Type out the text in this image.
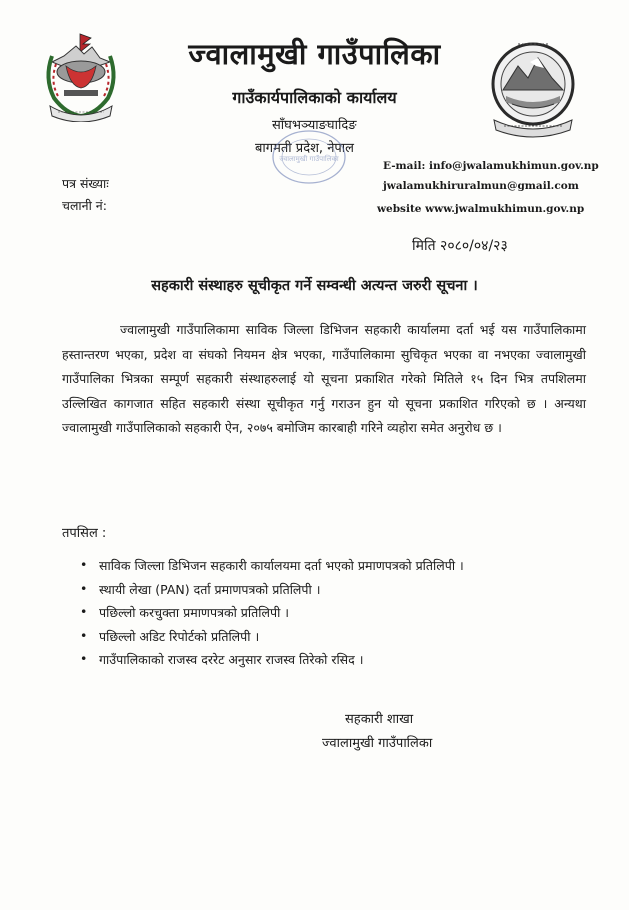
ज्वालामुखी गाउँपालिका
गाउँकार्यपालिकाको कार्यालय
साँघभञ्याङघादिङ
बागमती प्रदेश, नेपाल
ज्वालामुखी गाउँपालिका
E-mail: info@jwalamukhimun.gov.np
jwalamukhiruralmun@gmail.com
website www.jwalmukhimun.gov.np
पत्र संख्याः
चलानी नं:
मिति २०८०/०४/२३
सहकारी संस्थाहरु सूचीकृत गर्ने सम्वन्धी अत्यन्त जरुरी सूचना ।

ज्वालामुखी गाउँपालिकामा साविक जिल्ला डिभिजन सहकारी कार्यालमा दर्ता भई यस गाउँपालिकामा हस्तान्तरण भएका, प्रदेश वा संघको नियमन क्षेत्र भएका, गाउँपालिकामा सुचिकृत भएका वा नभएका ज्वालामुखी गाउँपालिका भित्रका सम्पूर्ण सहकारी संस्थाहरुलाई यो सूचना प्रकाशित गरेको मितिले १५ दिन भित्र तपशिलमा उल्लिखित कागजात सहित सहकारी संस्था सूचीकृत गर्नु गराउन हुन यो सूचना प्रकाशित गरिएको छ । अन्यथा ज्वालामुखी गाउँपालिकाको सहकारी ऐन, २०७५ बमोजिम कारबाही गरिने व्यहोरा समेत अनुरोध छ ।

तपसिल :
• साविक जिल्ला डिभिजन सहकारी कार्यालयमा दर्ता भएको प्रमाणपत्रको प्रतिलिपी ।
• स्थायी लेखा (PAN) दर्ता प्रमाणपत्रको प्रतिलिपी ।
• पछिल्लो करचुक्ता प्रमाणपत्रको प्रतिलिपी ।
• पछिल्लो अडिट रिपोर्टको प्रतिलिपी ।
• गाउँपालिकाको राजस्व दररेट अनुसार राजस्व तिरेको रसिद ।
सहकारी शाखा
ज्वालामुखी गाउँपालिका
